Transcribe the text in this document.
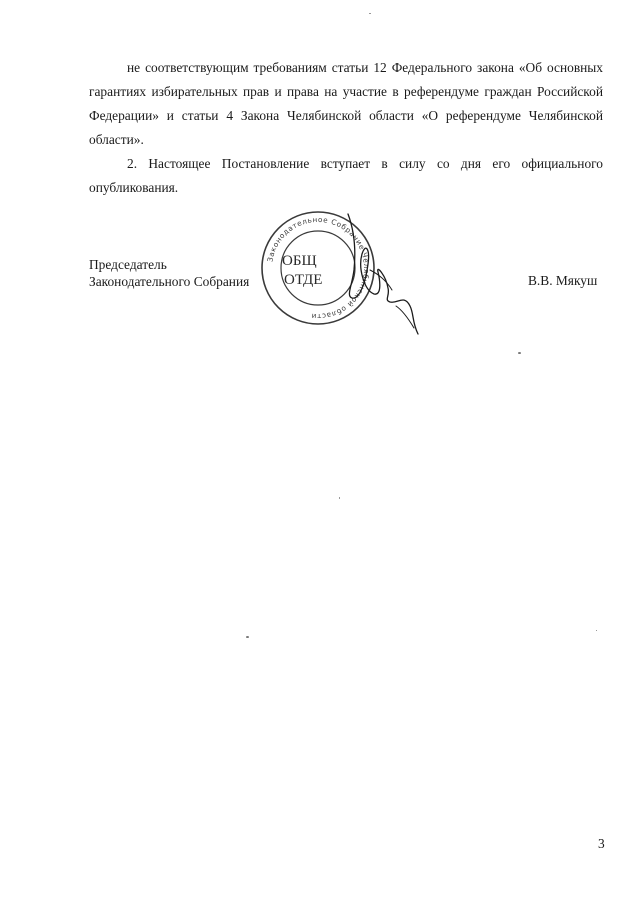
не соответствующим требованиям статьи 12 Федерального закона «Об основных гарантиях избирательных прав и права на участие в референдуме граждан Российской Федерации» и статьи 4 Закона Челябинской области «О референдуме Челябинской области».

2. Настоящее Постановление вступает в силу со дня его официального опубликования.

Законодательное Собрание Челябинской области
ОБЩ
ОТДЕ
Председатель
Законодательного Собрания	В.В. Мякуш
3
